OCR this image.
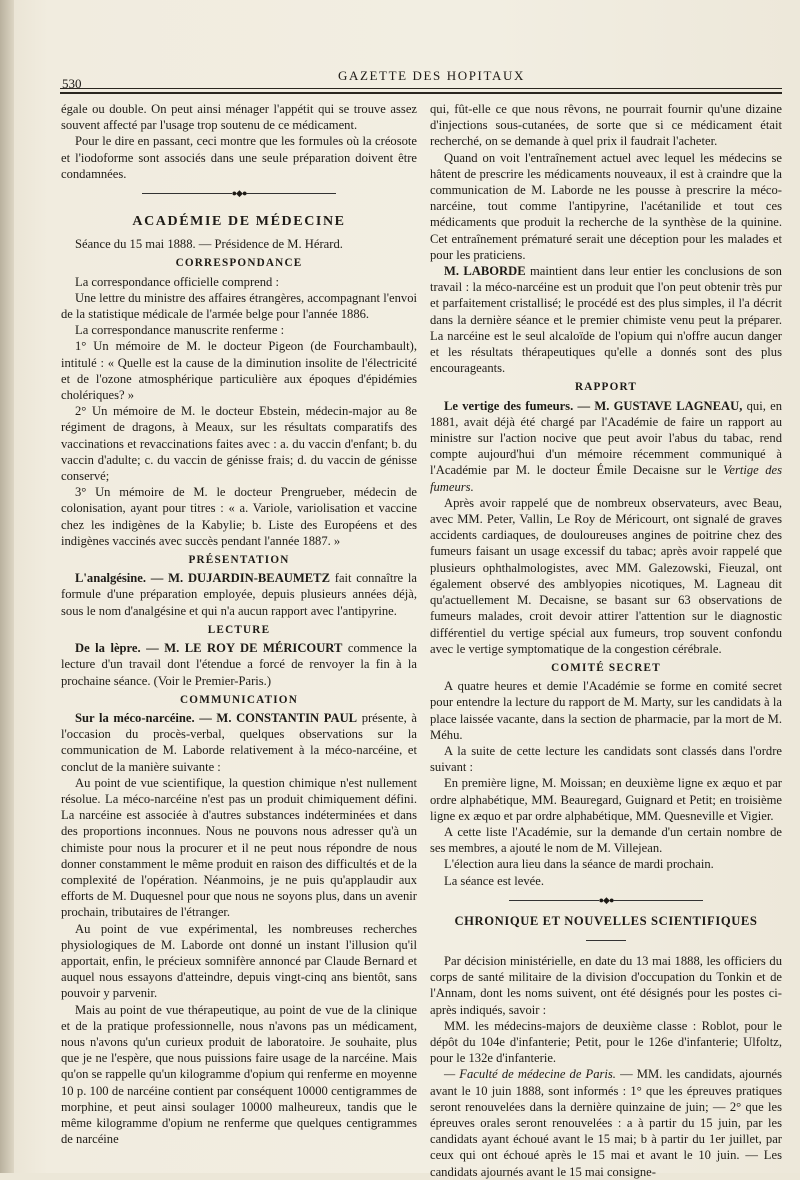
530
GAZETTE DES HOPITAUX

égale ou double. On peut ainsi ménager l'appétit qui se trouve assez souvent affecté par l'usage trop soutenu de ce médicament.

Pour le dire en passant, ceci montre que les formules où la créosote et l'iodoforme sont associés dans une seule préparation doivent être condamnées.

●◆●
ACADÉMIE DE MÉDECINE

Séance du 15 mai 1888. — Présidence de M. Hérard.

CORRESPONDANCE

La correspondance officielle comprend :

Une lettre du ministre des affaires étrangères, accompagnant l'envoi de la statistique médicale de l'armée belge pour l'année 1886.

La correspondance manuscrite renferme :

1° Un mémoire de M. le docteur Pigeon (de Fourchambault), intitulé : « Quelle est la cause de la diminution insolite de l'électricité et de l'ozone atmosphérique particulière aux époques d'épidémies cholériques? »

2° Un mémoire de M. le docteur Ebstein, médecin-major au 8e régiment de dragons, à Meaux, sur les résultats comparatifs des vaccinations et revaccinations faites avec : a. du vaccin d'enfant; b. du vaccin d'adulte; c. du vaccin de génisse frais; d. du vaccin de génisse conservé;

3° Un mémoire de M. le docteur Prengrueber, médecin de colonisation, ayant pour titres : « a. Variole, variolisation et vaccine chez les indigènes de la Kabylie; b. Liste des Européens et des indigènes vaccinés avec succès pendant l'année 1887. »

PRÉSENTATION

L'analgésine. — M. DUJARDIN-BEAUMETZ fait connaître la formule d'une préparation employée, depuis plusieurs années déjà, sous le nom d'analgésine et qui n'a aucun rapport avec l'antipyrine.

LECTURE

De la lèpre. — M. LE ROY DE MÉRICOURT commence la lecture d'un travail dont l'étendue a forcé de renvoyer la fin à la prochaine séance. (Voir le Premier-Paris.)

COMMUNICATION

Sur la méco-narcéine. — M. CONSTANTIN PAUL présente, à l'occasion du procès-verbal, quelques observations sur la communication de M. Laborde relativement à la méco-narcéine, et conclut de la manière suivante :

Au point de vue scientifique, la question chimique n'est nullement résolue. La méco-narcéine n'est pas un produit chimiquement défini. La narcéine est associée à d'autres substances indéterminées et dans des proportions inconnues. Nous ne pouvons nous adresser qu'à un chimiste pour nous la procurer et il ne peut nous répondre de nous donner constamment le même produit en raison des difficultés et de la complexité de l'opération. Néanmoins, je ne puis qu'applaudir aux efforts de M. Duquesnel pour que nous ne soyons plus, dans un avenir prochain, tributaires de l'étranger.

Au point de vue expérimental, les nombreuses recherches physiologiques de M. Laborde ont donné un instant l'illusion qu'il apportait, enfin, le précieux somnifère annoncé par Claude Bernard et auquel nous essayons d'atteindre, depuis vingt-cinq ans bientôt, sans pouvoir y parvenir.

Mais au point de vue thérapeutique, au point de vue de la clinique et de la pratique professionnelle, nous n'avons pas un médicament, nous n'avons qu'un curieux produit de laboratoire. Je souhaite, plus que je ne l'espère, que nous puissions faire usage de la narcéine. Mais qu'on se rappelle qu'un kilogramme d'opium qui renferme en moyenne 10 p. 100 de narcéine contient par conséquent 10000 centigrammes de morphine, et peut ainsi soulager 10000 malheureux, tandis que le même kilogramme d'opium ne renferme que quelques centigrammes de narcéine

qui, fût-elle ce que nous rêvons, ne pourrait fournir qu'une dizaine d'injections sous-cutanées, de sorte que si ce médicament était recherché, on se demande à quel prix il faudrait l'acheter.

Quand on voit l'entraînement actuel avec lequel les médecins se hâtent de prescrire les médicaments nouveaux, il est à craindre que la communication de M. Laborde ne les pousse à prescrire la méco-narcéine, tout comme l'antipyrine, l'acétanilide et tout ces médicaments que produit la recherche de la synthèse de la quinine. Cet entraînement prématuré serait une déception pour les malades et pour les praticiens.

M. LABORDE maintient dans leur entier les conclusions de son travail : la méco-narcéine est un produit que l'on peut obtenir très pur et parfaitement cristallisé; le procédé est des plus simples, il l'a décrit dans la dernière séance et le premier chimiste venu peut la préparer. La narcéine est le seul alcaloïde de l'opium qui n'offre aucun danger et les résultats thérapeutiques qu'elle a donnés sont des plus encourageants.

RAPPORT

Le vertige des fumeurs. — M. GUSTAVE LAGNEAU, qui, en 1881, avait déjà été chargé par l'Académie de faire un rapport au ministre sur l'action nocive que peut avoir l'abus du tabac, rend compte aujourd'hui d'un mémoire récemment communiqué à l'Académie par M. le docteur Émile Decaisne sur le Vertige des fumeurs.

Après avoir rappelé que de nombreux observateurs, avec Beau, avec MM. Peter, Vallin, Le Roy de Méricourt, ont signalé de graves accidents cardiaques, de douloureuses angines de poitrine chez des fumeurs faisant un usage excessif du tabac; après avoir rappelé que plusieurs ophthalmologistes, avec MM. Galezowski, Fieuzal, ont également observé des amblyopies nicotiques, M. Lagneau dit qu'actuellement M. Decaisne, se basant sur 63 observations de fumeurs malades, croit devoir attirer l'attention sur le diagnostic différentiel du vertige spécial aux fumeurs, trop souvent confondu avec le vertige symptomatique de la congestion cérébrale.

COMITÉ SECRET

A quatre heures et demie l'Académie se forme en comité secret pour entendre la lecture du rapport de M. Marty, sur les candidats à la place laissée vacante, dans la section de pharmacie, par la mort de M. Méhu.

A la suite de cette lecture les candidats sont classés dans l'ordre suivant :

En première ligne, M. Moissan; en deuxième ligne ex æquo et par ordre alphabétique, MM. Beauregard, Guignard et Petit; en troisième ligne ex æquo et par ordre alphabétique, MM. Quesneville et Vigier.

A cette liste l'Académie, sur la demande d'un certain nombre de ses membres, a ajouté le nom de M. Villejean.

L'élection aura lieu dans la séance de mardi prochain.

La séance est levée.

●◆●
CHRONIQUE ET NOUVELLES SCIENTIFIQUES

Par décision ministérielle, en date du 13 mai 1888, les officiers du corps de santé militaire de la division d'occupation du Tonkin et de l'Annam, dont les noms suivent, ont été désignés pour les postes ci-après indiqués, savoir :

MM. les médecins-majors de deuxième classe : Roblot, pour le dépôt du 104e d'infanterie; Petit, pour le 126e d'infanterie; Ulfoltz, pour le 132e d'infanterie.

— Faculté de médecine de Paris. — MM. les candidats, ajournés avant le 10 juin 1888, sont informés : 1° que les épreuves pratiques seront renouvelées dans la dernière quinzaine de juin; — 2° que les épreuves orales seront renouvelées : a à partir du 15 juin, par les candidats ayant échoué avant le 15 mai; b à partir du 1er juillet, par ceux qui ont échoué après le 15 mai et avant le 10 juin. — Les candidats ajournés avant le 15 mai consigne-
